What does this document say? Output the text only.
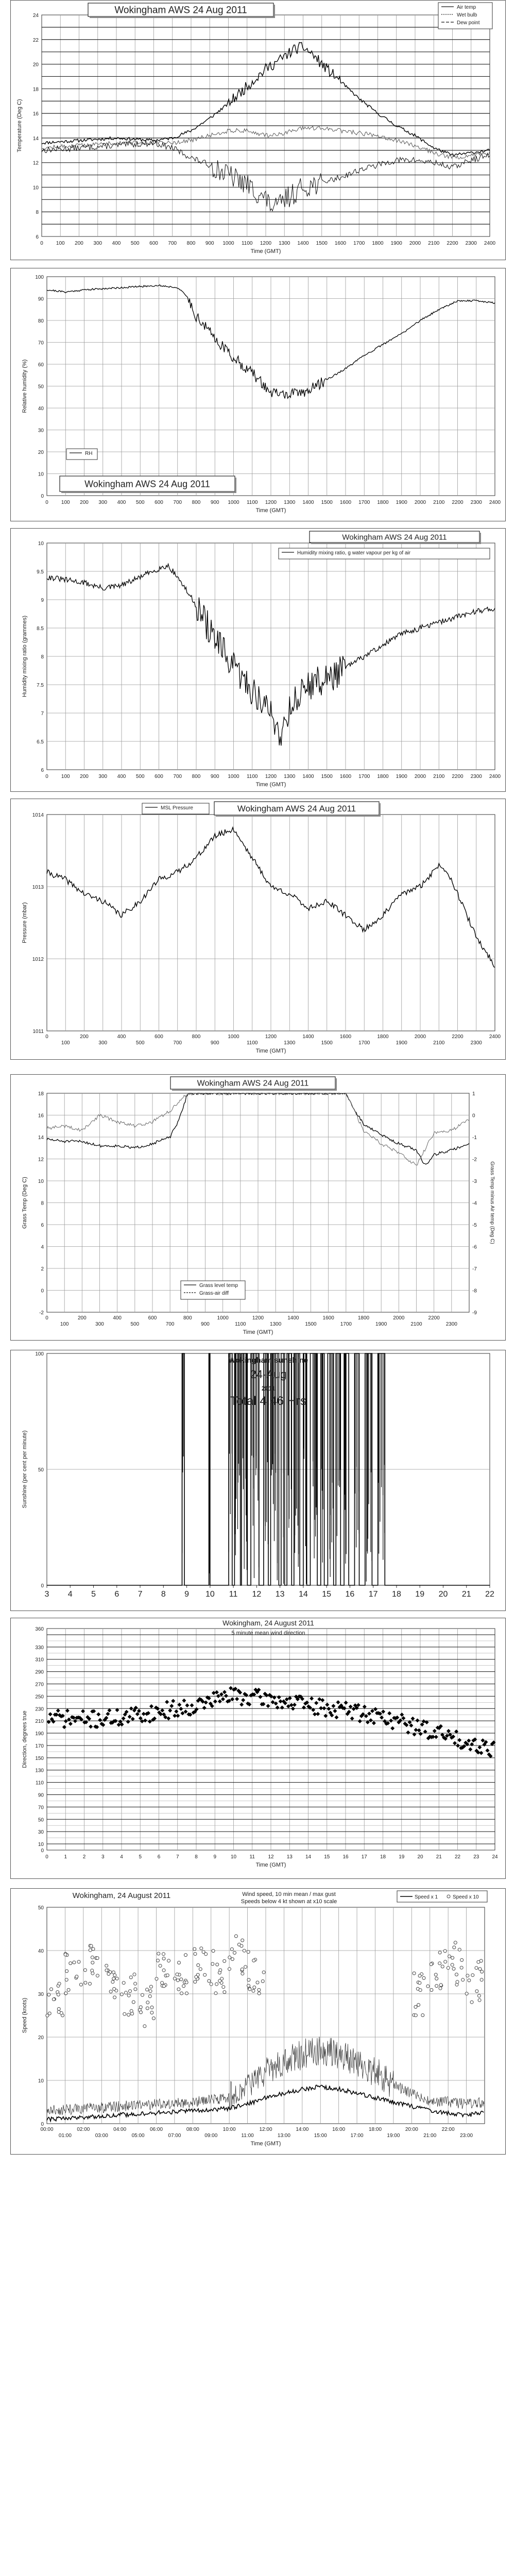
6
8
10
12
14
16
18
20
22
24
0	100 200 300 400 500 600 700 800 900 1000 1100 1200 1300 1400 1500 1600 1700 1800 1900 2000 2100 2200 2300 2400
Time (GMT)
Temperature (Deg C)
Wokingham AWS 24 Aug 2011	Air temp
Wet bulb
Dew point
0
10
20
30
40
50
60
70
80
90
100
0	100 200 300 400 500 600 700 800 900 1000 1100 1200 1300 1400 1500 1600 1700 1800 1900 2000 2100 2200 2300 2400
Time (GMT)
Relative humidity (%)
RH
Wokingham AWS 24 Aug 2011
6
6.5
7
7.5
8
8.5
9
9.5
10
0	100 200 300 400 500 600 700 800 900 1000 1100 1200 1300 1400 1500 1600 1700 1800 1900 2000 2100 2200 2300 2400
Time (GMT)
Humidity mixing ratio (grammes)
Wokingham AWS 24 Aug 2011
Humidity mixing ratio, g water vapour per kg of air
1011
1012
1013
1014
0	200	400	600	800	1000	1200	1400	1600	1800	2000	2200	2400
100	300	500	700	900	1100	1300	1500	1700	1900	2100	2300
Time (GMT)
Pressure (mbar)
MSL Pressure	Wokingham AWS 24 Aug 2011
-2
0
2
4
6
8
10
12
14
16
18
-9
-8
-7
-6
-5
-4
-3
-2
-1
0
1
0	200	400	600	800	1000	1200	1400	1600	1800	2000	2200
100	300	500	700	900	1100	1300	1500	1700	1900	2100	2300
Time (GMT)
Grass Temp (Deg C)	Grass Temp minus Air temp (Deg C)
Wokingham AWS 24 Aug 2011
Grass level temp
Grass-air diff
0
50
100
3 4 5 6 7 8 9 10 11 12 13 14 15 16 17 18 19 20 21 22
Sunshine (per cent per minute)
Wokingham sunshine
24-Aug
2011
Total 4.46 Hrs
0
10
30
50
70
90
110
130
150
170
190
210
230
250
270
290
310
330
360
0	1	2	3	4	5	6	7	8	9	10	11	12	13	14	15	16	17	18	19	20	21	22	23	24
Time (GMT)
Direction, degrees true
Wokingham, 24 August 2011
5 minute mean wind direction
0
10
20
30
40
50
00:00	02:00	04:00	06:00	08:00	10:00	12:00	14:00	16:00	18:00	20:00	22:00
01:00	03:00	05:00	07:00	09:00	11:00	13:00	15:00	17:00	19:00	21:00	23:00
Time (GMT)
Speed (knots)
Wokingham, 24 August 2011	Wind speed, 10 min mean / max gust
Speeds below 4 kt shown at x10 scale
Speed x 1	Speed x 10
